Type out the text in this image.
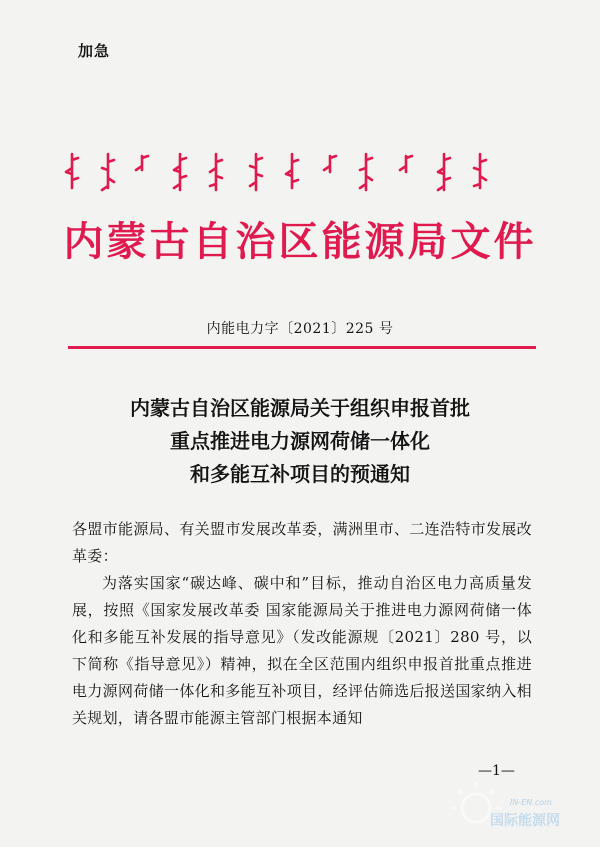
加急
内蒙古自治区能源局文件
内能电力字〔2021〕225 号
内蒙古自治区能源局关于组织申报首批
重点推进电力源网荷储一体化
和多能互补项目的预通知

各盟市能源局、有关盟市发展改革委，满洲里市、二连浩特市发展改革委：

为落实国家“碳达峰、碳中和”目标，推动自治区电力高质量发展，按照《国家发展改革委 国家能源局关于推进电力源网荷储一体化和多能互补发展的指导意见》（发改能源规〔2021〕280 号，以下简称《指导意见》）精神，拟在全区范围内组织申报首批重点推进电力源网荷储一体化和多能互补项目，经评估筛选后报送国家纳入相关规划，请各盟市能源主管部门根据本通知

—1—
IN-EN.com
国际能源网
